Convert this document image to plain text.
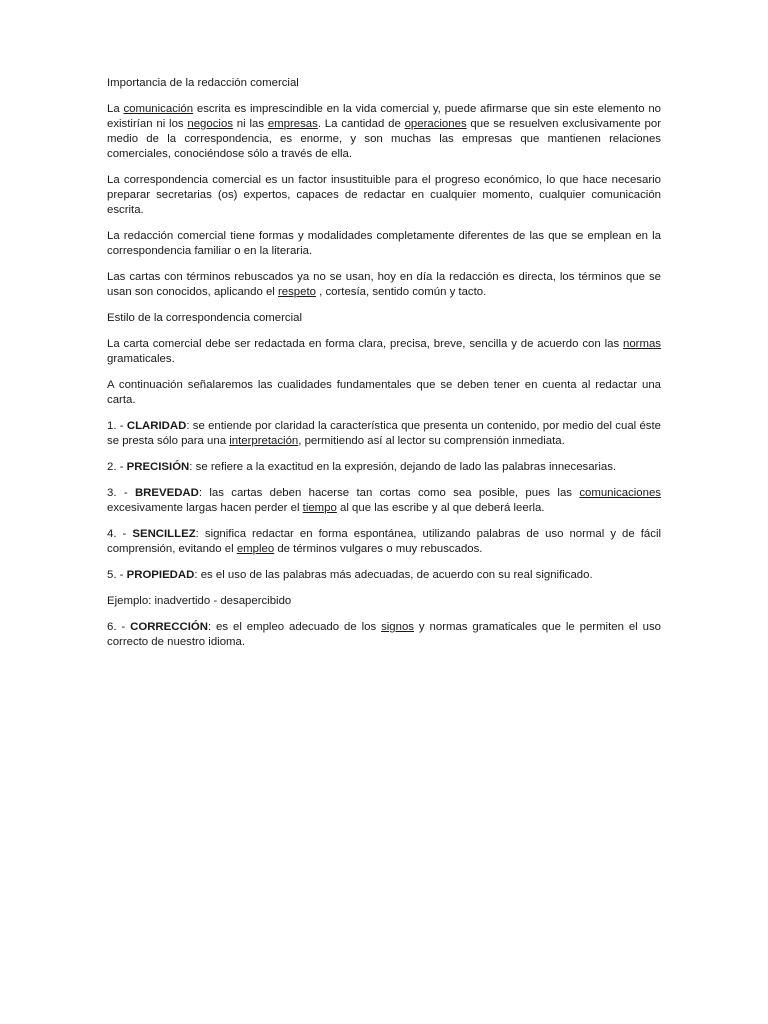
Importancia de la redacción comercial

La comunicación escrita es imprescindible en la vida comercial y, puede afirmarse que sin este elemento no existirían ni los negocios ni las empresas. La cantidad de operaciones que se resuelven exclusivamente por medio de la correspondencia, es enorme, y son muchas las empresas que mantienen relaciones comerciales, conociéndose sólo a través de ella.

La correspondencia comercial es un factor insustituible para el progreso económico, lo que hace necesario preparar secretarias (os) expertos, capaces de redactar en cualquier momento, cualquier comunicación escrita.

La redacción comercial tiene formas y modalidades completamente diferentes de las que se emplean en la correspondencia familiar o en la literaria.

Las cartas con términos rebuscados ya no se usan, hoy en día la redacción es directa, los términos que se usan son conocidos, aplicando el respeto , cortesía, sentido común y tacto.

Estilo de la correspondencia comercial

La carta comercial debe ser redactada en forma clara, precisa, breve, sencilla y de acuerdo con las normas gramaticales.

A continuación señalaremos las cualidades fundamentales que se deben tener en cuenta al redactar una carta.

1. - CLARIDAD: se entiende por claridad la característica que presenta un contenido, por medio del cual éste se presta sólo para una interpretación, permitiendo así al lector su comprensión inmediata.

2. - PRECISIÓN: se refiere a la exactitud en la expresión, dejando de lado las palabras innecesarias.

3. - BREVEDAD: las cartas deben hacerse tan cortas como sea posible, pues las comunicaciones excesivamente largas hacen perder el tiempo al que las escribe y al que deberá leerla.

4. - SENCILLEZ: significa redactar en forma espontánea, utilizando palabras de uso normal y de fácil comprensión, evitando el empleo de términos vulgares o muy rebuscados.

5. - PROPIEDAD: es el uso de las palabras más adecuadas, de acuerdo con su real significado.

Ejemplo: inadvertido - desapercibido

6. - CORRECCIÓN: es el empleo adecuado de los signos y normas gramaticales que le permiten el uso correcto de nuestro idioma.
